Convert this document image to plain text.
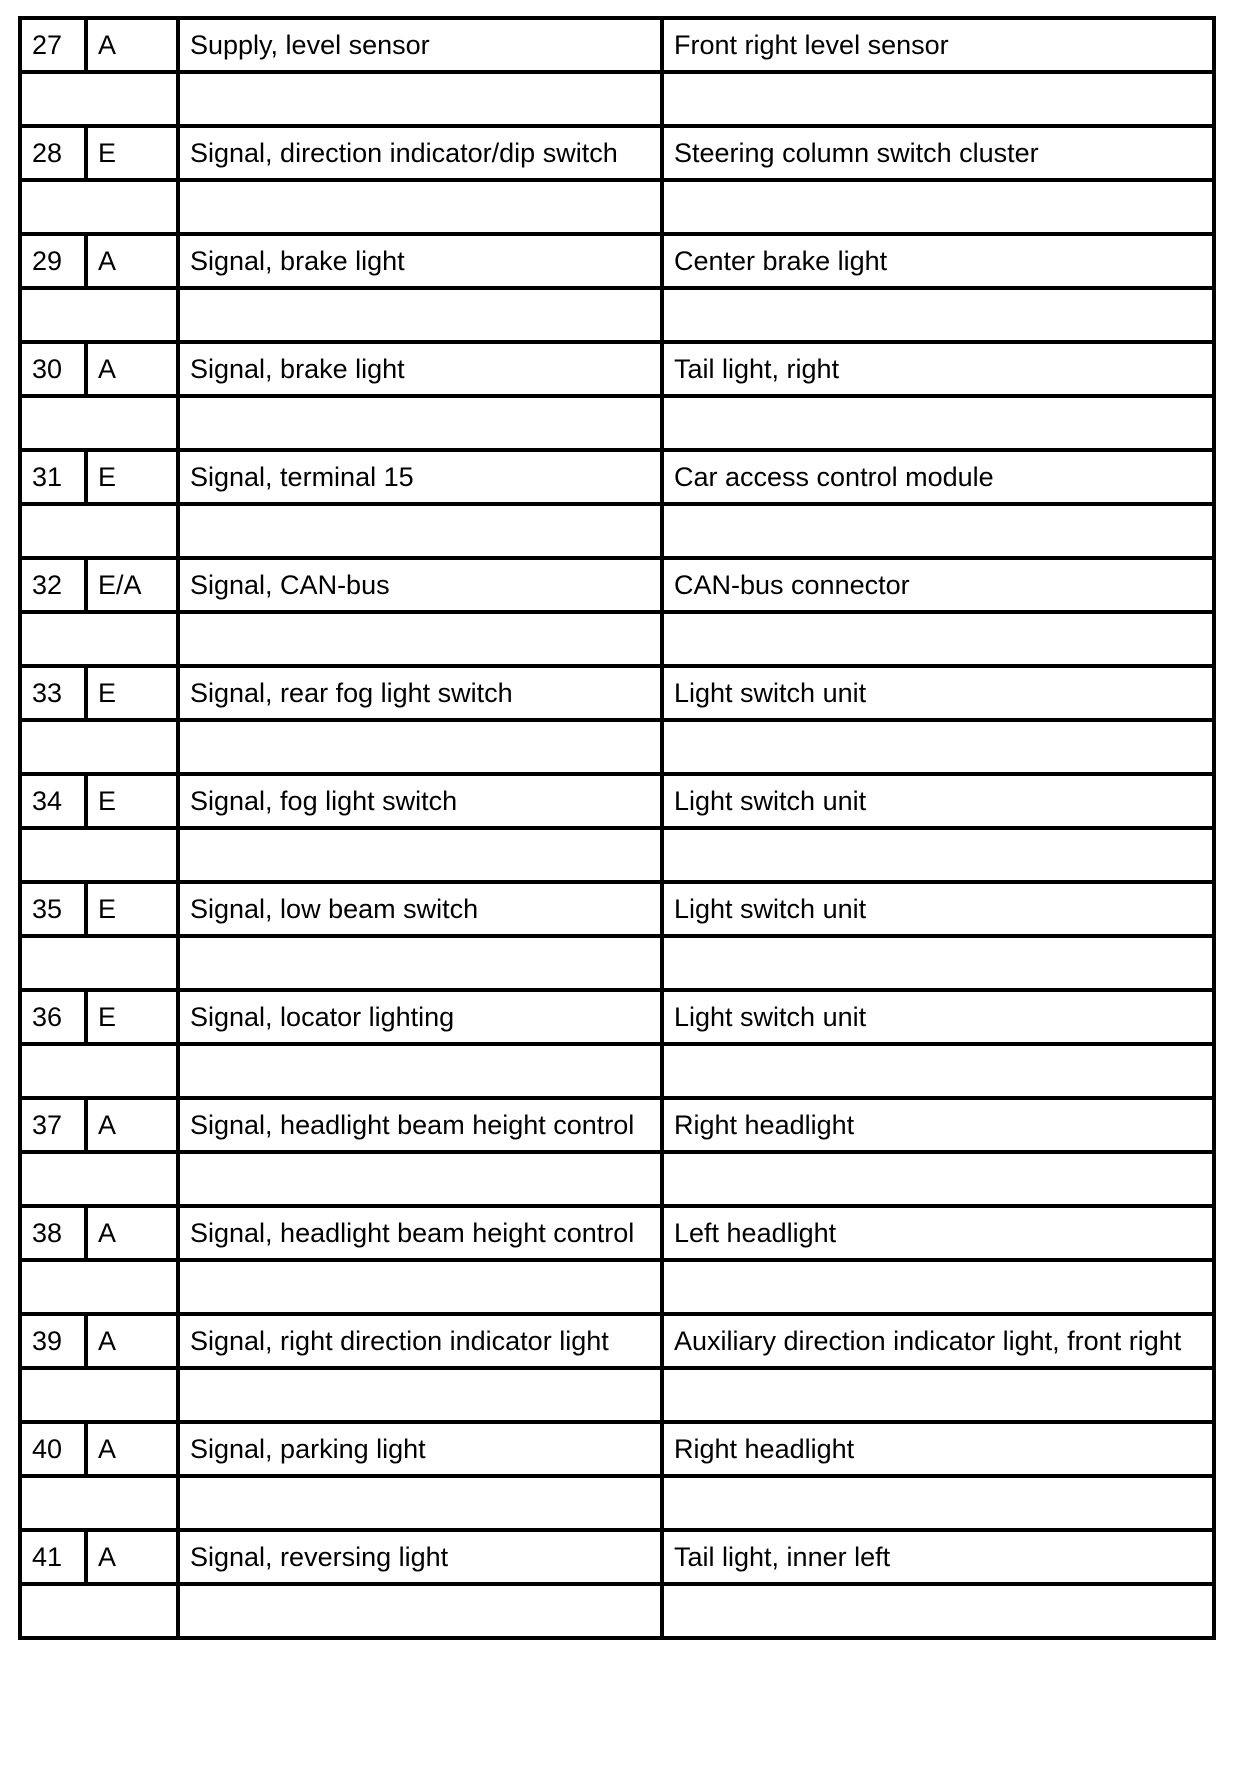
27	A	Supply, level sensor	Front right level sensor

28	E	Signal, direction indicator/dip switch	Steering column switch cluster

29	A	Signal, brake light	Center brake light

30	A	Signal, brake light	Tail light, right

31	E	Signal, terminal 15	Car access control module

32	E/A	Signal, CAN-bus	CAN-bus connector

33	E	Signal, rear fog light switch	Light switch unit

34	E	Signal, fog light switch	Light switch unit

35	E	Signal, low beam switch	Light switch unit

36	E	Signal, locator lighting	Light switch unit

37	A	Signal, headlight beam height control	Right headlight

38	A	Signal, headlight beam height control	Left headlight

39	A	Signal, right direction indicator light	Auxiliary direction indicator light, front right

40	A	Signal, parking light	Right headlight

41	A	Signal, reversing light	Tail light, inner left
